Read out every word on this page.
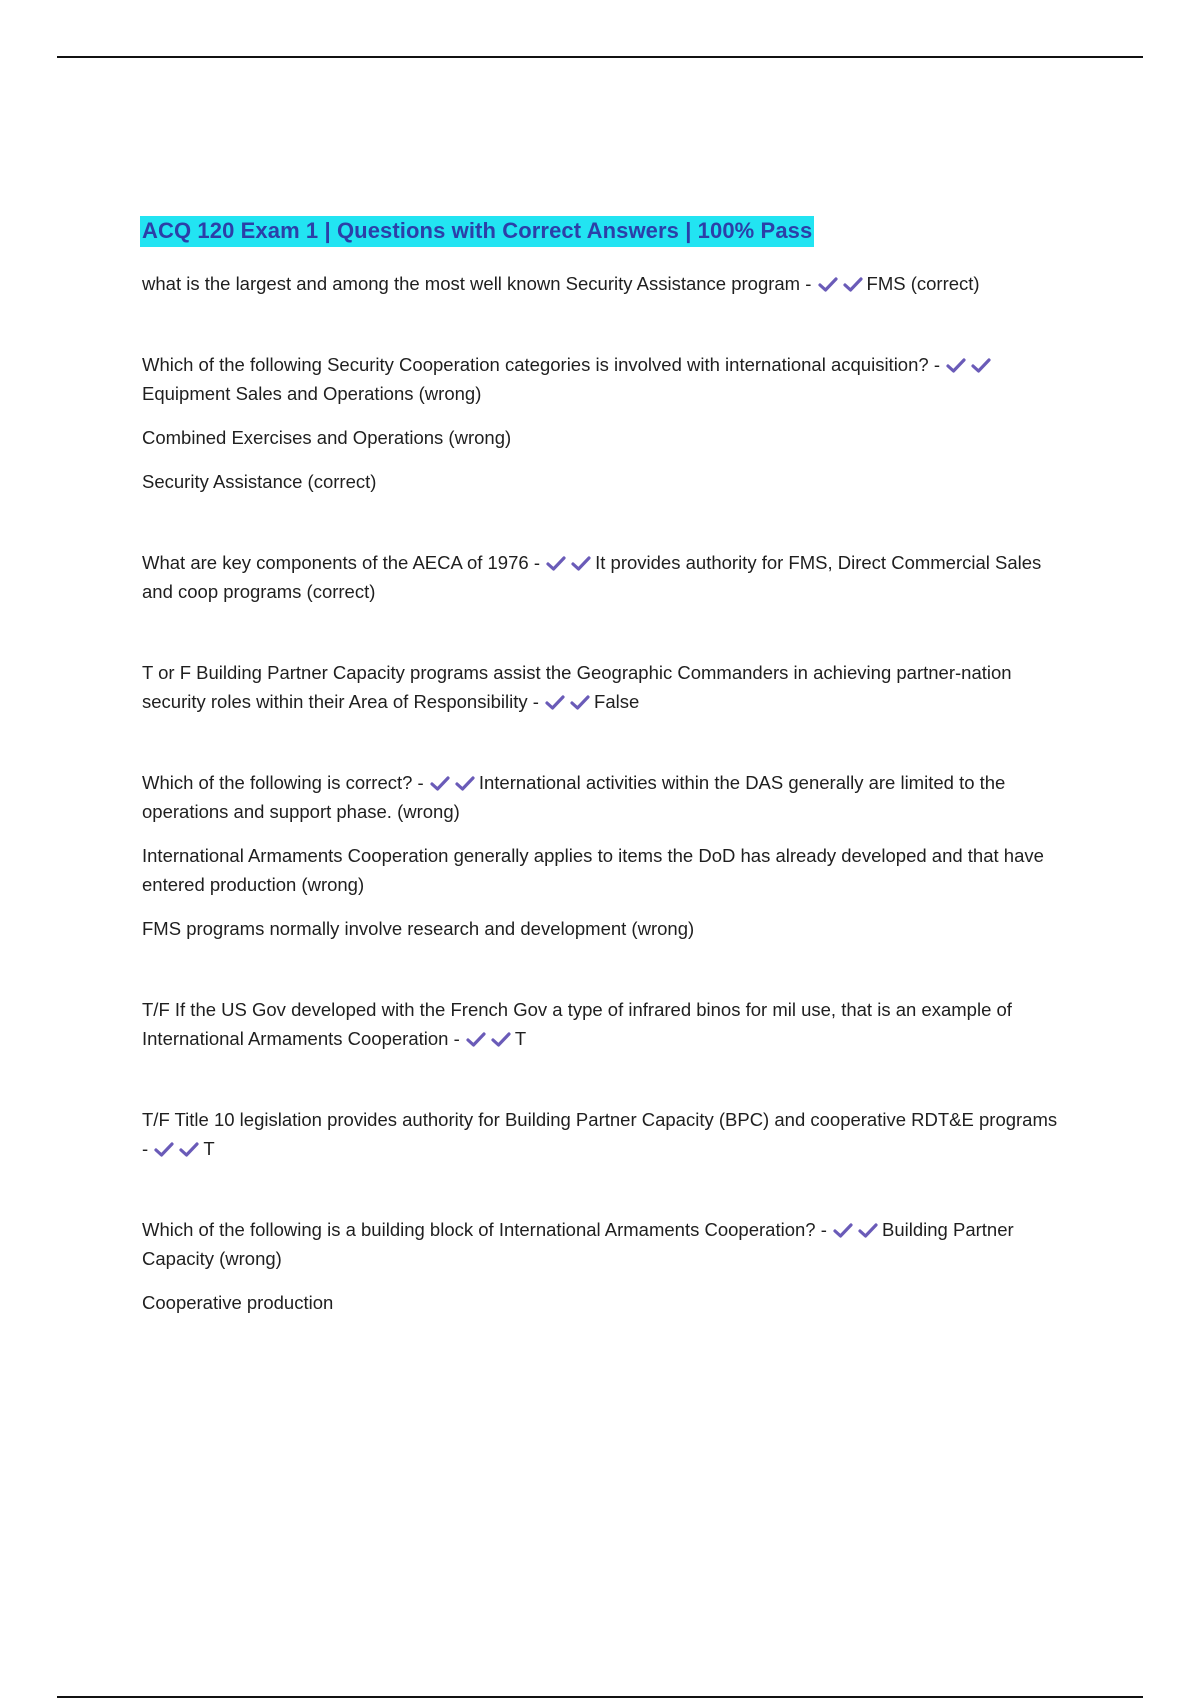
ACQ 120 Exam 1 | Questions with Correct Answers | 100% Pass

what is the largest and among the most well known Security Assistance program -	FMS (correct)

Which of the following Security Cooperation categories is involved with international acquisition? -
Equipment Sales and Operations (wrong)

Combined Exercises and Operations (wrong)

Security Assistance (correct)

What are key components of the AECA of 1976 -	It provides authority for FMS, Direct Commercial Sales and coop programs (correct)

T or F Building Partner Capacity programs assist the Geographic Commanders in achieving partner-nation security roles within their Area of Responsibility -	False

Which of the following is correct? -	International activities within the DAS generally are limited to the operations and support phase. (wrong)

International Armaments Cooperation generally applies to items the DoD has already developed and that have entered production (wrong)

FMS programs normally involve research and development (wrong)

T/F If the US Gov developed with the French Gov a type of infrared binos for mil use, that is an example of International Armaments Cooperation -	T

T/F Title 10 legislation provides authority for Building Partner Capacity (BPC) and cooperative RDT&E programs -	T

Which of the following is a building block of International Armaments Cooperation? -	Building Partner Capacity (wrong)

Cooperative production
